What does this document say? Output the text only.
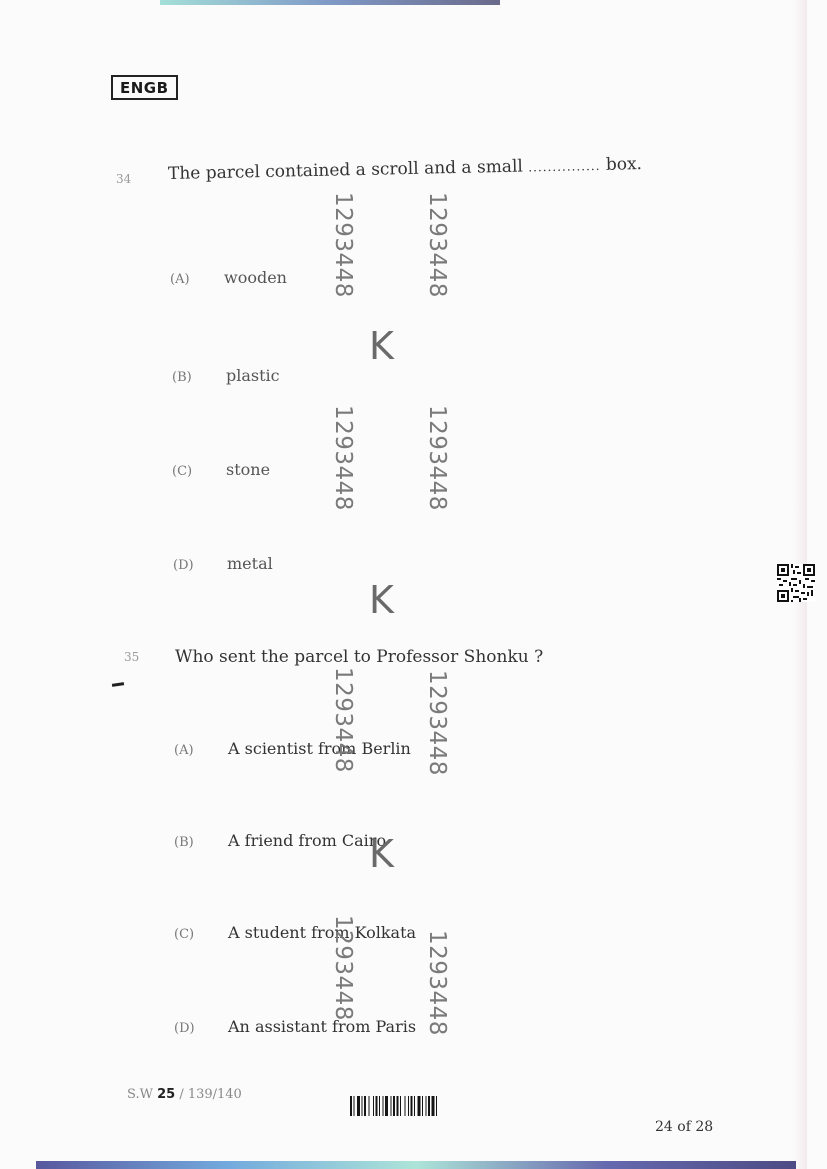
ENGB
34 The parcel contained a scroll and a small ............... box.
(A)	wooden
(B)	plastic
(C)	stone
(D)	metal
35 Who sent the parcel to Professor Shonku ?
(A)	A scientist from Berlin
(B)	A friend from Cairo
(C)	A student from Kolkata
(D)	An assistant from Paris
1293448	1293448
1293448	1293448
1293448	1293448
1293448	1293448
K
K
K
S.W 25 / 139/140
24 of 28
